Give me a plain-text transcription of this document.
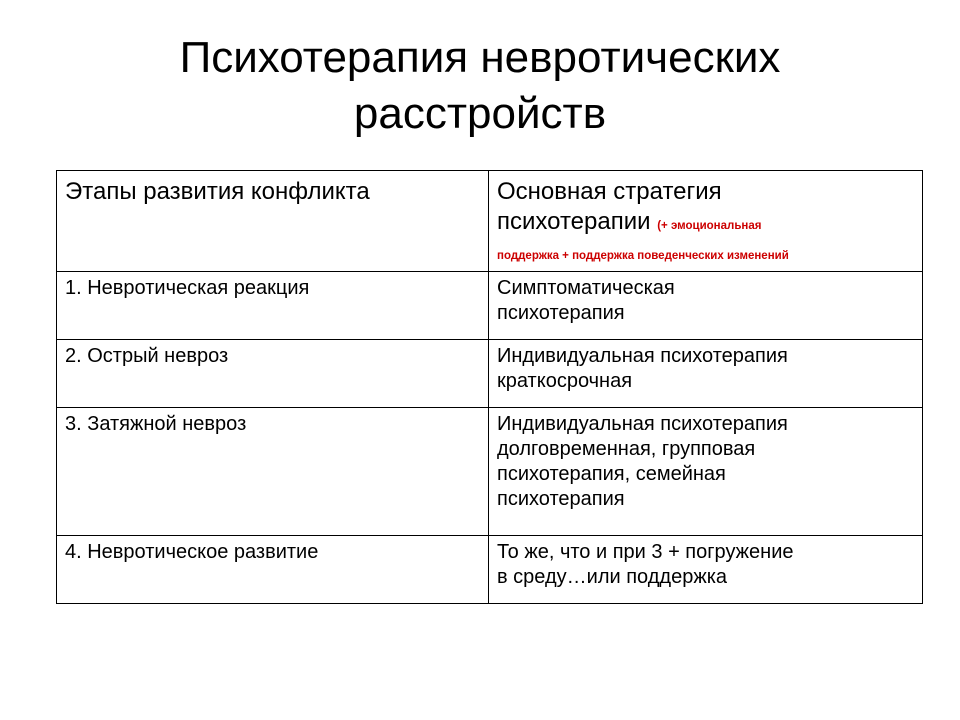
Психотерапия невротических
расстройств
Этапы развития конфликта	Основная стратегия
психотерапии (+ эмоциональная
поддержка + поддержка поведенческих изменений
1. Невротическая реакция	Симптоматическая
психотерапия
2. Острый невроз	Индивидуальная психотерапия
краткосрочная
3. Затяжной невроз	Индивидуальная психотерапия
долговременная, групповая
психотерапия, семейная
психотерапия
4. Невротическое развитие	То же, что и при 3 + погружение
в среду…или поддержка
